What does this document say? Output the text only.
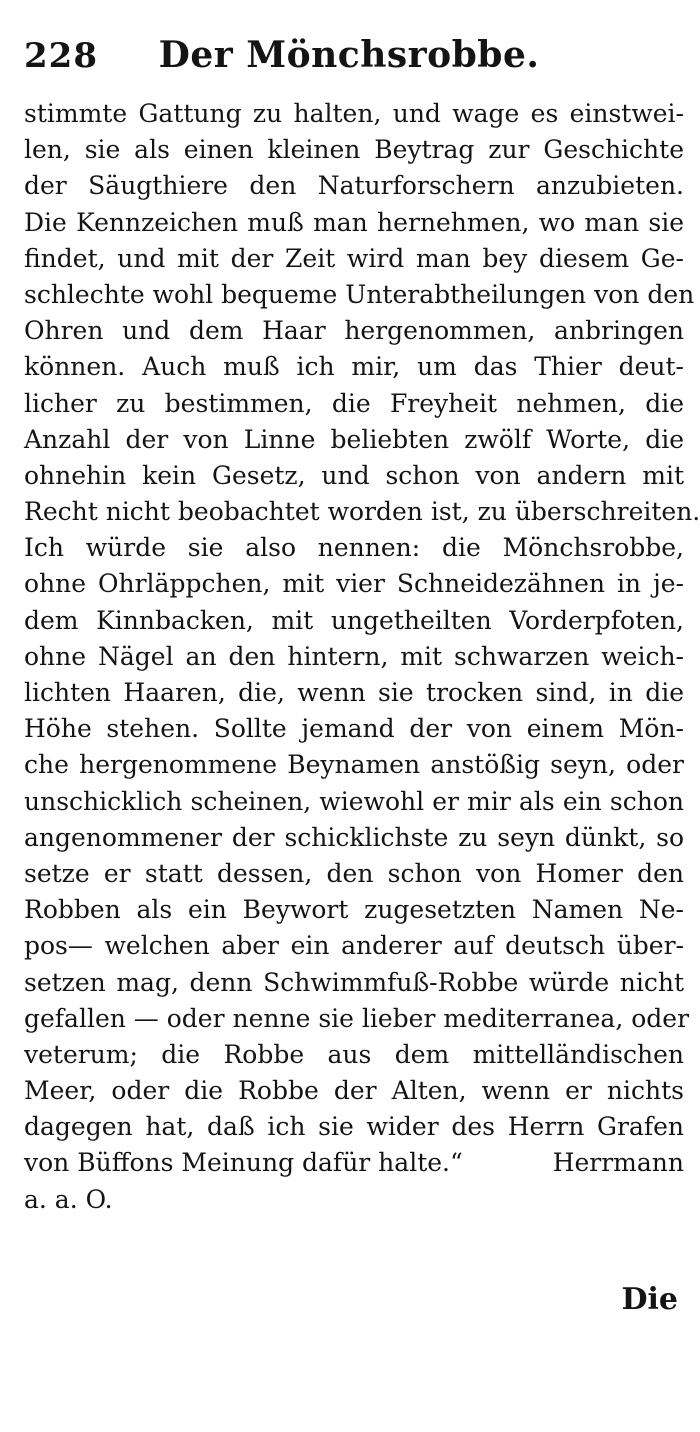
228	Der Mönchsrobbe.
stimmte Gattung zu halten, und wage es einstwei-
len, sie als einen kleinen Beytrag zur Geschichte
der Säugthiere den Naturforschern anzubieten.
Die Kennzeichen muß man hernehmen, wo man sie
findet, und mit der Zeit wird man bey diesem Ge-
schlechte wohl bequeme Unterabtheilungen von den
Ohren und dem Haar hergenommen, anbringen
können. Auch muß ich mir, um das Thier deut-
licher zu bestimmen, die Freyheit nehmen, die
Anzahl der von Linne beliebten zwölf Worte, die
ohnehin kein Gesetz, und schon von andern mit
Recht nicht beobachtet worden ist, zu überschreiten.
Ich würde sie also nennen: die Mönchsrobbe,
ohne Ohrläppchen, mit vier Schneidezähnen in je-
dem Kinnbacken, mit ungetheilten Vorderpfoten,
ohne Nägel an den hintern, mit schwarzen weich-
lichten Haaren, die, wenn sie trocken sind, in die
Höhe stehen. Sollte jemand der von einem Mön-
che hergenommene Beynamen anstößig seyn, oder
unschicklich scheinen, wiewohl er mir als ein schon
angenommener der schicklichste zu seyn dünkt, so
setze er statt dessen, den schon von Homer den
Robben als ein Beywort zugesetzten Namen Ne-
pos— welchen aber ein anderer auf deutsch über-
setzen mag, denn Schwimmfuß-Robbe würde nicht
gefallen — oder nenne sie lieber mediterranea, oder
veterum; die Robbe aus dem mittelländischen
Meer, oder die Robbe der Alten, wenn er nichts
dagegen hat, daß ich sie wider des Herrn Grafen
von Büffons Meinung dafür halte.“	Herrmann
a. a. O.
Die
